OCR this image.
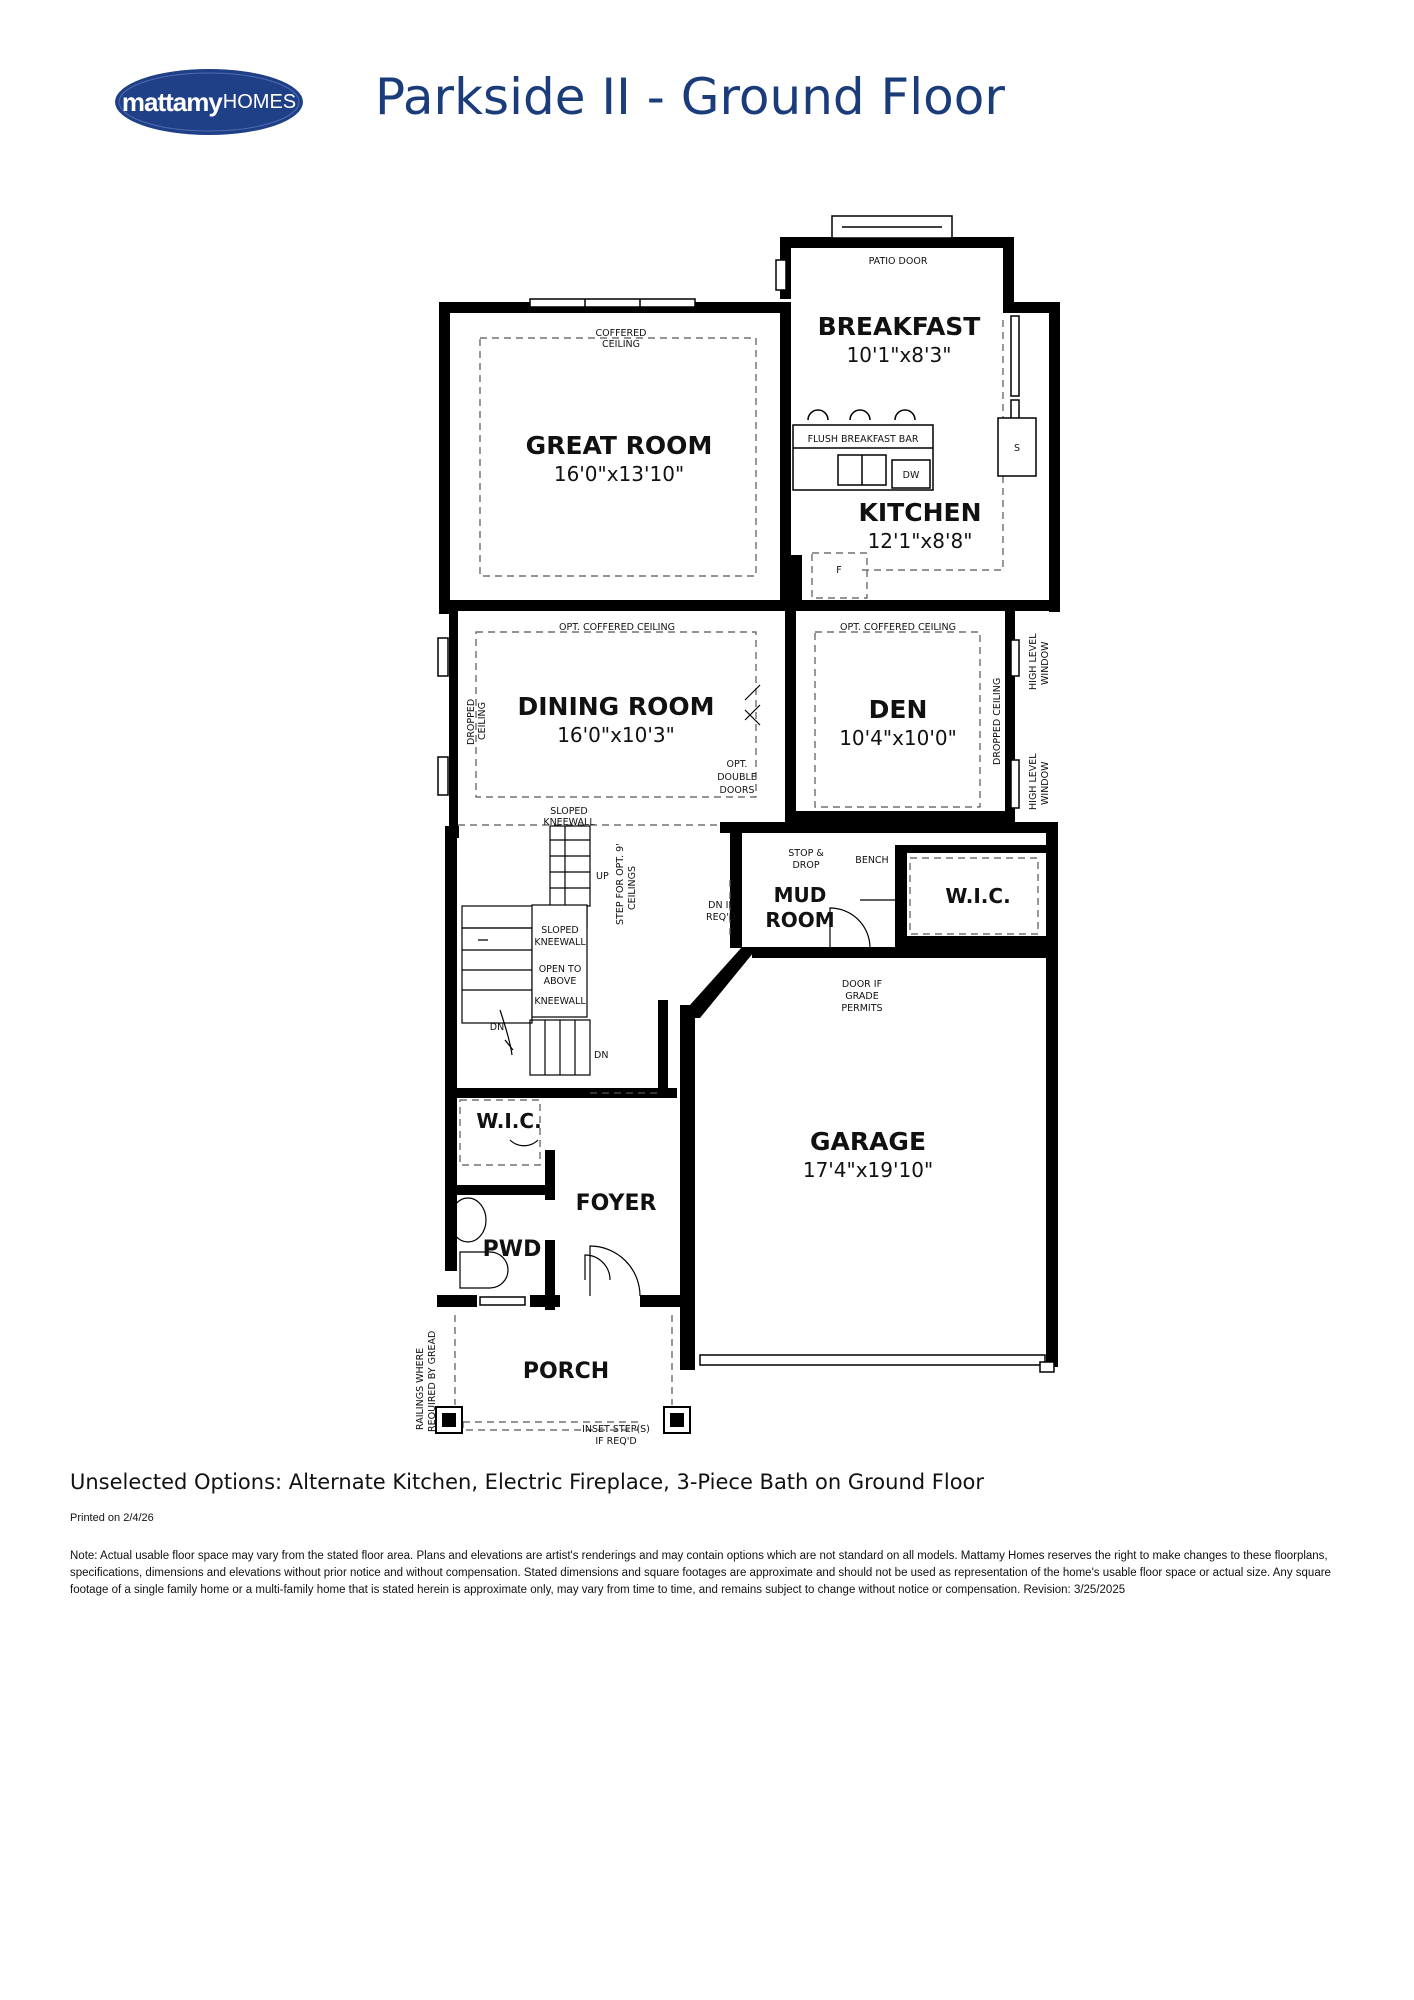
mattamy HOMES Parkside II - Ground Floor
BREAKFAST
10'1"x8'3"
GREAT ROOM
16'0"x13'10"
KITCHEN
12'1"x8'8"
DINING ROOM
16'0"x10'3"
DEN
10'4"x10'0"
MUD
ROOM
W.I.C.
GARAGE
17'4"x19'10"
W.I.C.
FOYER
PWD
PORCH
PATIO DOOR
COFFERED
CEILING
FLUSH BREAKFAST BAR
DW
S
F
OPT. COFFERED CEILING	OPT. COFFERED CEILING
HIGH LEVEL WINDOW
HIGH LEVEL WINDOW
DROPPED CEILING
DROPPED CEILING
OPT.
DOUBLE
DOORS
SLOPED
KNEEWALL
UP STEP FOR OPT. 9' CEILINGS	DN IF
REQ'D
STOP &
DROP	BENCH
SLOPED
KNEEWALL
OPEN TO
ABOVE
KNEEWALL
DN
DN
DOOR IF
GRADE
PERMITS
RAILINGS WHERE REQUIRED BY GREAD	INSET STEP(S)
IF REQ'D
Unselected Options: Alternate Kitchen, Electric Fireplace, 3-Piece Bath on Ground Floor
Printed on 2/4/26
Note: Actual usable floor space may vary from the stated floor area. Plans and elevations are artist's renderings and may contain options which are not standard on all models. Mattamy Homes reserves the right to make changes to these floorplans, specifications, dimensions and elevations without prior notice and without compensation. Stated dimensions and square footages are approximate and should not be used as representation of the home's usable floor space or actual size. Any square footage of a single family home or a multi-family home that is stated herein is approximate only, may vary from time to time, and remains subject to change without notice or compensation. Revision: 3/25/2025
